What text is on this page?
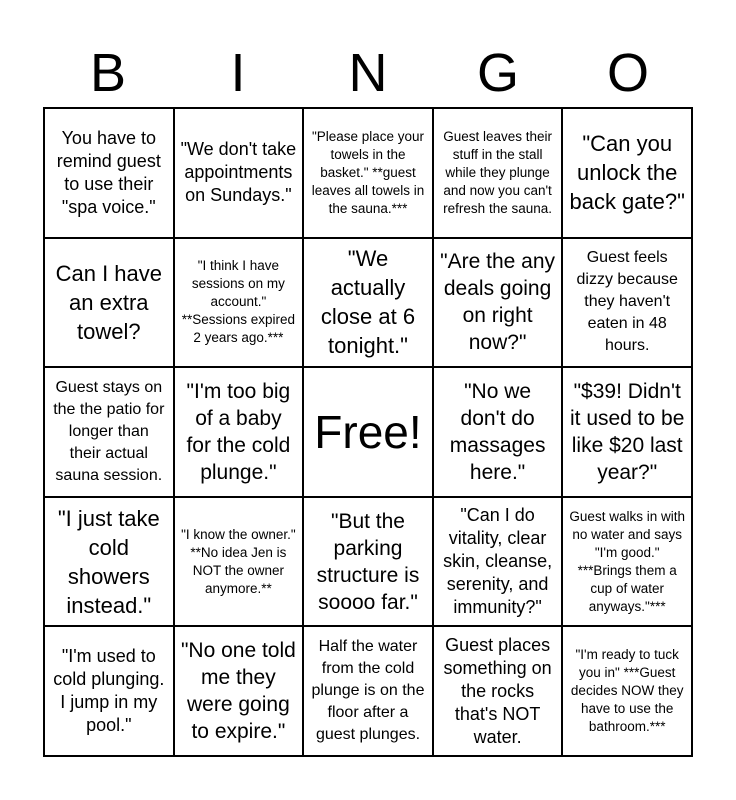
B	I	N	G	O
You have to remind guest to use their "spa voice."
"We don't take appointments on Sundays."
"Please place your towels in the basket." **guest leaves all towels in the sauna.***
Guest leaves their stuff in the stall while they plunge and now you can't refresh the sauna.
"Can you unlock the back gate?"
Can I have an extra towel?
"I think I have sessions on my account." **Sessions expired 2 years ago.***
"We actually close at 6 tonight."
"Are the any deals going on right now?"
Guest feels dizzy because they haven't eaten in 48 hours.
Guest stays on the the patio for longer than their actual sauna session.
"I'm too big of a baby for the cold plunge."
Free!
"No we don't do massages here."
"$39! Didn't it used to be like $20 last year?"
"I just take cold showers instead."
"I know the owner." **No idea Jen is NOT the owner anymore.**
"But the parking structure is soooo far."
"Can I do vitality, clear skin, cleanse, serenity, and immunity?"
Guest walks in with no water and says "I'm good." ***Brings them a cup of water anyways."***
"I'm used to cold plunging. I jump in my pool."
"No one told me they were going to expire."
Half the water from the cold plunge is on the floor after a guest plunges.
Guest places something on the rocks that's NOT water.
"I'm ready to tuck you in" ***Guest decides NOW they have to use the bathroom.***
